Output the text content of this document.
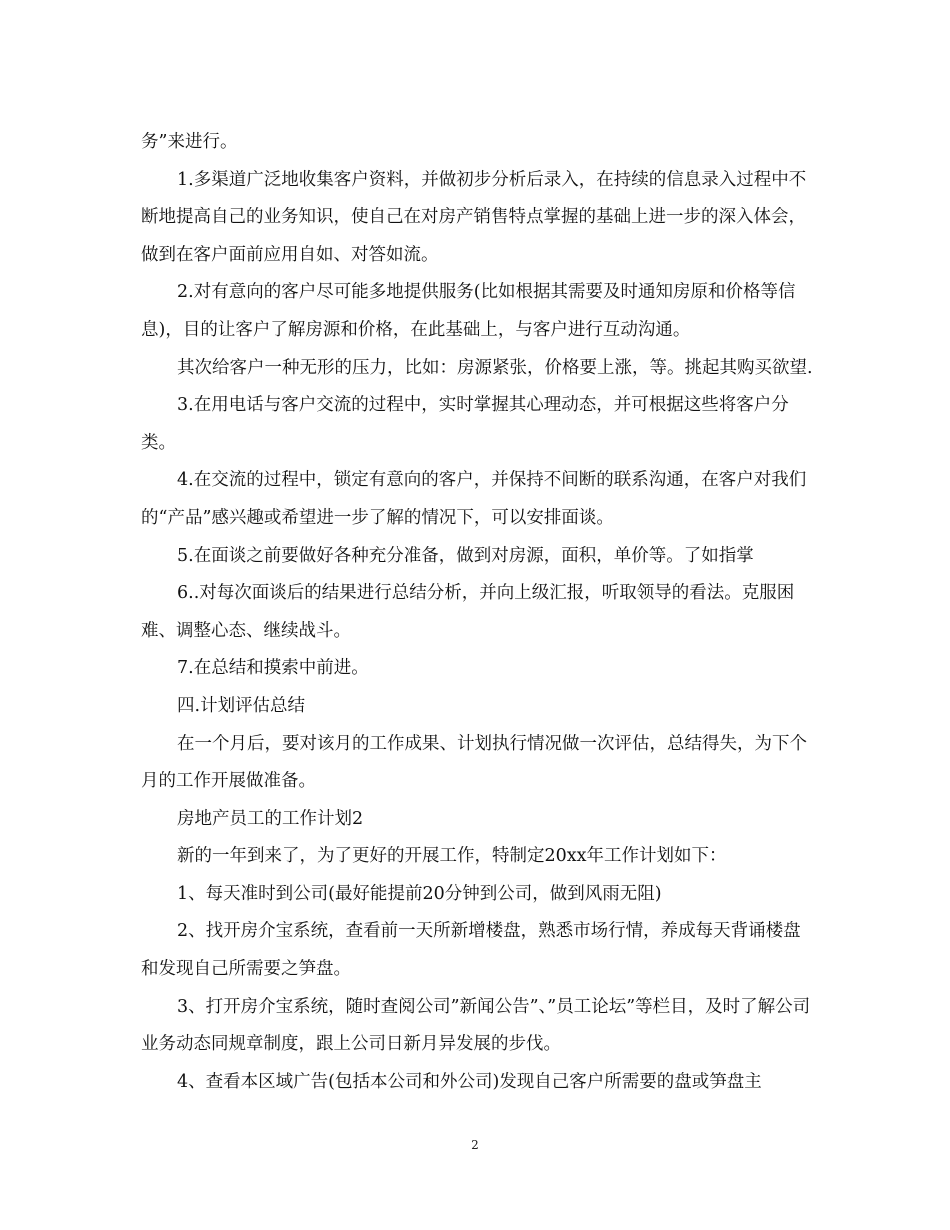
务”来进行。

1.多渠道广泛地收集客户资料，并做初步分析后录入，在持续的信息录入过程中不断地提高自己的业务知识，使自己在对房产销售特点掌握的基础上进一步的深入体会，做到在客户面前应用自如、对答如流。

2.对有意向的客户尽可能多地提供服务(比如根据其需要及时通知房原和价格等信息)，目的让客户了解房源和价格，在此基础上，与客户进行互动沟通。

其次给客户一种无形的压力，比如：房源紧张，价格要上涨，等。挑起其购买欲望.

3.在用电话与客户交流的过程中，实时掌握其心理动态，并可根据这些将客户分类。

4.在交流的过程中，锁定有意向的客户，并保持不间断的联系沟通，在客户对我们的“产品”感兴趣或希望进一步了解的情况下，可以安排面谈。

5.在面谈之前要做好各种充分准备，做到对房源，面积，单价等。了如指掌

6..对每次面谈后的结果进行总结分析，并向上级汇报，听取领导的看法。克服困难、调整心态、继续战斗。

7.在总结和摸索中前进。

四.计划评估总结

在一个月后，要对该月的工作成果、计划执行情况做一次评估，总结得失，为下个月的工作开展做准备。

房地产员工的工作计划2

新的一年到来了，为了更好的开展工作，特制定20xx年工作计划如下：

1、每天准时到公司(最好能提前20分钟到公司，做到风雨无阻)

2、找开房介宝系统，查看前一天所新增楼盘，熟悉市场行情，养成每天背诵楼盘和发现自己所需要之笋盘。

3、打开房介宝系统，随时查阅公司”新闻公告”、”员工论坛”等栏目，及时了解公司业务动态同规章制度，跟上公司日新月异发展的步伐。

4、查看本区域广告(包括本公司和外公司)发现自己客户所需要的盘或笋盘主

2
